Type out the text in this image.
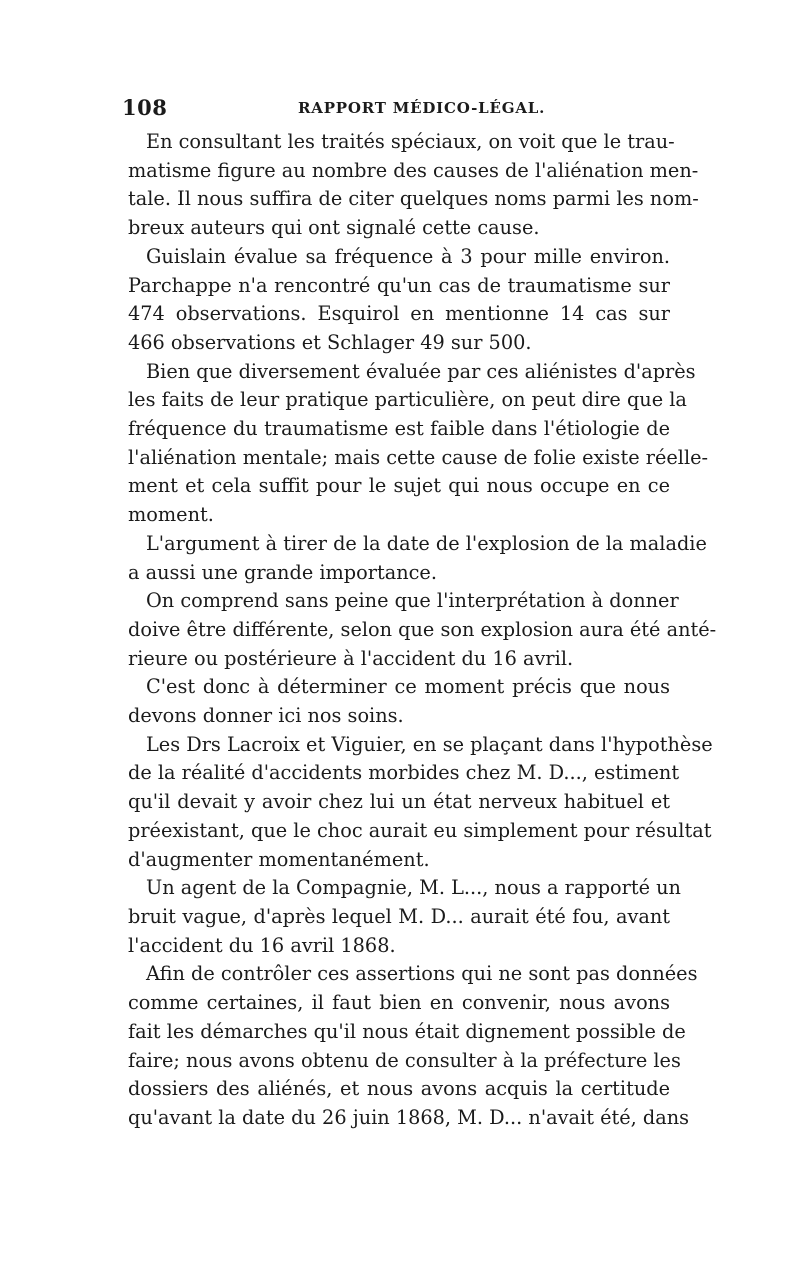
108	RAPPORT MÉDICO-LÉGAL.

En consultant les traités spéciaux, on voit que le trau-
matisme figure au nombre des causes de l'aliénation men-
tale. Il nous suffira de citer quelques noms parmi les nom-
breux auteurs qui ont signalé cette cause.

Guislain évalue sa fréquence à 3 pour mille environ.
Parchappe n'a rencontré qu'un cas de traumatisme sur
474 observations. Esquirol en mentionne 14 cas sur
466 observations et Schlager 49 sur 500.

Bien que diversement évaluée par ces aliénistes d'après
les faits de leur pratique particulière, on peut dire que la
fréquence du traumatisme est faible dans l'étiologie de
l'aliénation mentale; mais cette cause de folie existe réelle-
ment et cela suffit pour le sujet qui nous occupe en ce
moment.

L'argument à tirer de la date de l'explosion de la maladie
a aussi une grande importance.

On comprend sans peine que l'interprétation à donner
doive être différente, selon que son explosion aura été anté-
rieure ou postérieure à l'accident du 16 avril.

C'est donc à déterminer ce moment précis que nous
devons donner ici nos soins.

Les Drs Lacroix et Viguier, en se plaçant dans l'hypothèse
de la réalité d'accidents morbides chez M. D..., estiment
qu'il devait y avoir chez lui un état nerveux habituel et
préexistant, que le choc aurait eu simplement pour résultat
d'augmenter momentanément.

Un agent de la Compagnie, M. L..., nous a rapporté un
bruit vague, d'après lequel M. D... aurait été fou, avant
l'accident du 16 avril 1868.

Afin de contrôler ces assertions qui ne sont pas données
comme certaines, il faut bien en convenir, nous avons
fait les démarches qu'il nous était dignement possible de
faire; nous avons obtenu de consulter à la préfecture les
dossiers des aliénés, et nous avons acquis la certitude
qu'avant la date du 26 juin 1868, M. D... n'avait été, dans
